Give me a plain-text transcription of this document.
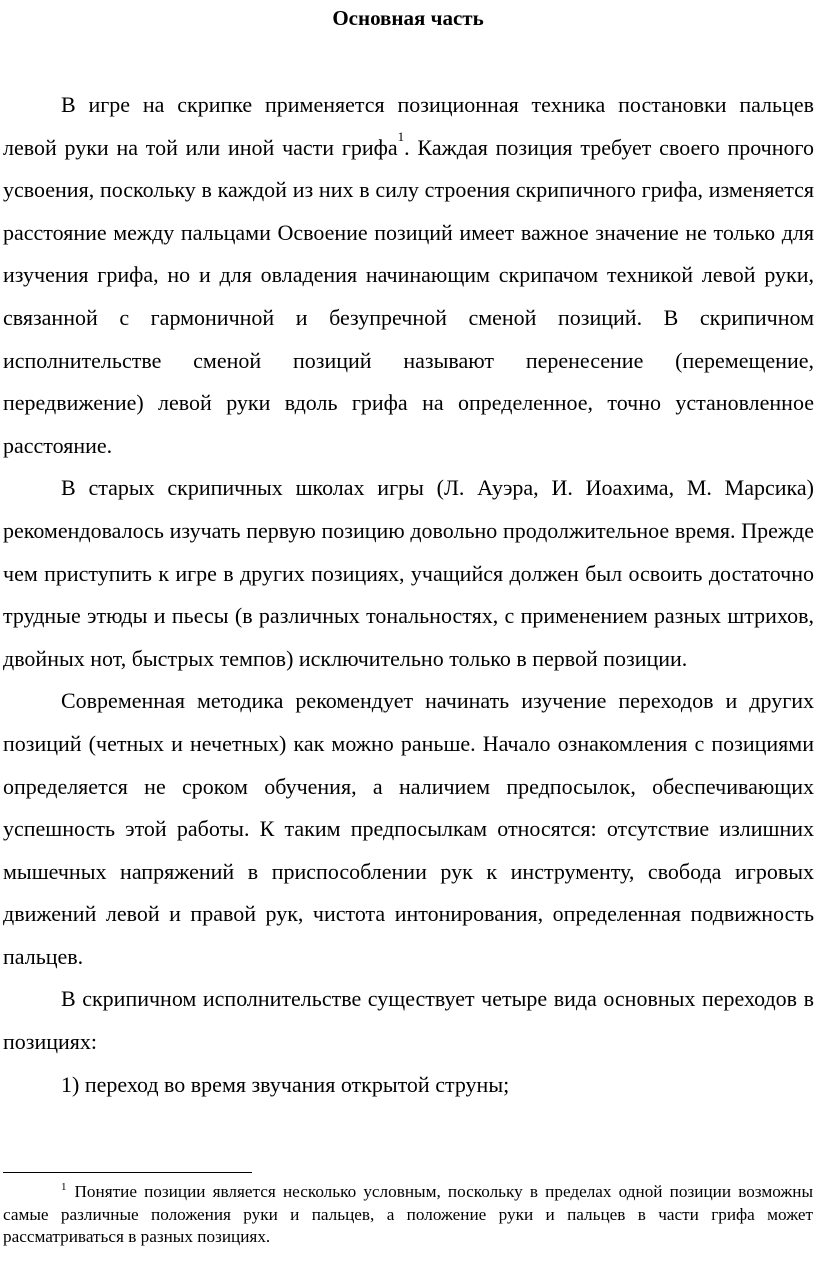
Основная часть

В игре на скрипке применяется позиционная техника постановки пальцев левой руки на той или иной части грифа$^1$. Каждая позиция требует своего прочного усвоения, поскольку в каждой из них в силу строения скрипичного грифа, изменяется расстояние между пальцами Освоение позиций имеет важное значение не только для изучения грифа, но и для овладения начинающим скрипачом техникой левой руки, связанной с гармоничной и безупречной сменой позиций. В скрипичном исполнительстве сменой позиций называют перенесение (перемещение, передвижение) левой руки вдоль грифа на определенное, точно установленное расстояние.

В старых скрипичных школах игры (Л. Ауэра, И. Иоахима, М. Марсика) рекомендовалось изучать первую позицию довольно продолжительное время. Прежде чем приступить к игре в других позициях, учащийся должен был освоить достаточно трудные этюды и пьесы (в различных тональностях, с применением разных штрихов, двойных нот, быстрых темпов) исключительно только в первой позиции.

Современная методика рекомендует начинать изучение переходов и других позиций (четных и нечетных) как можно раньше. Начало ознакомления с позициями определяется не сроком обучения, а наличием предпосылок, обеспечивающих успешность этой работы. К таким предпосылкам относятся: отсутствие излишних мышечных напряжений в приспособлении рук к инструменту, свобода игровых движений левой и правой рук, чистота интонирования, определенная подвижность пальцев.

В скрипичном исполнительстве существует четыре вида основных переходов в позициях:

1) переход во время звучания открытой струны;

$^1$ Понятие позиции является несколько условным, поскольку в пределах одной позиции возможны самые различные положения руки и пальцев, а положение руки и пальцев в части грифа может рассматриваться в разных позициях.
